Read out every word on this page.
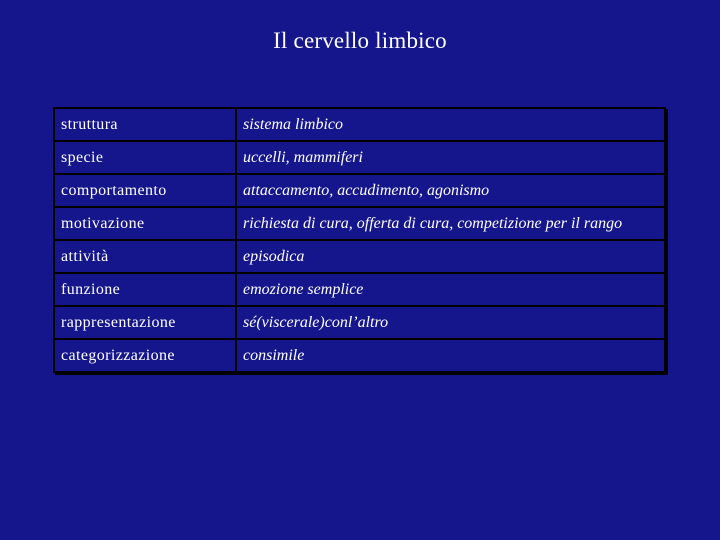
Il cervello limbico
struttura	sistema limbico
specie	uccelli, mammiferi
comportamento	attaccamento, accudimento, agonismo
motivazione	richiesta di cura, offerta di cura, competizione per il rango
attività	episodica
funzione	emozione semplice
rappresentazione	sé(viscerale)conl’altro
categorizzazione	consimile
